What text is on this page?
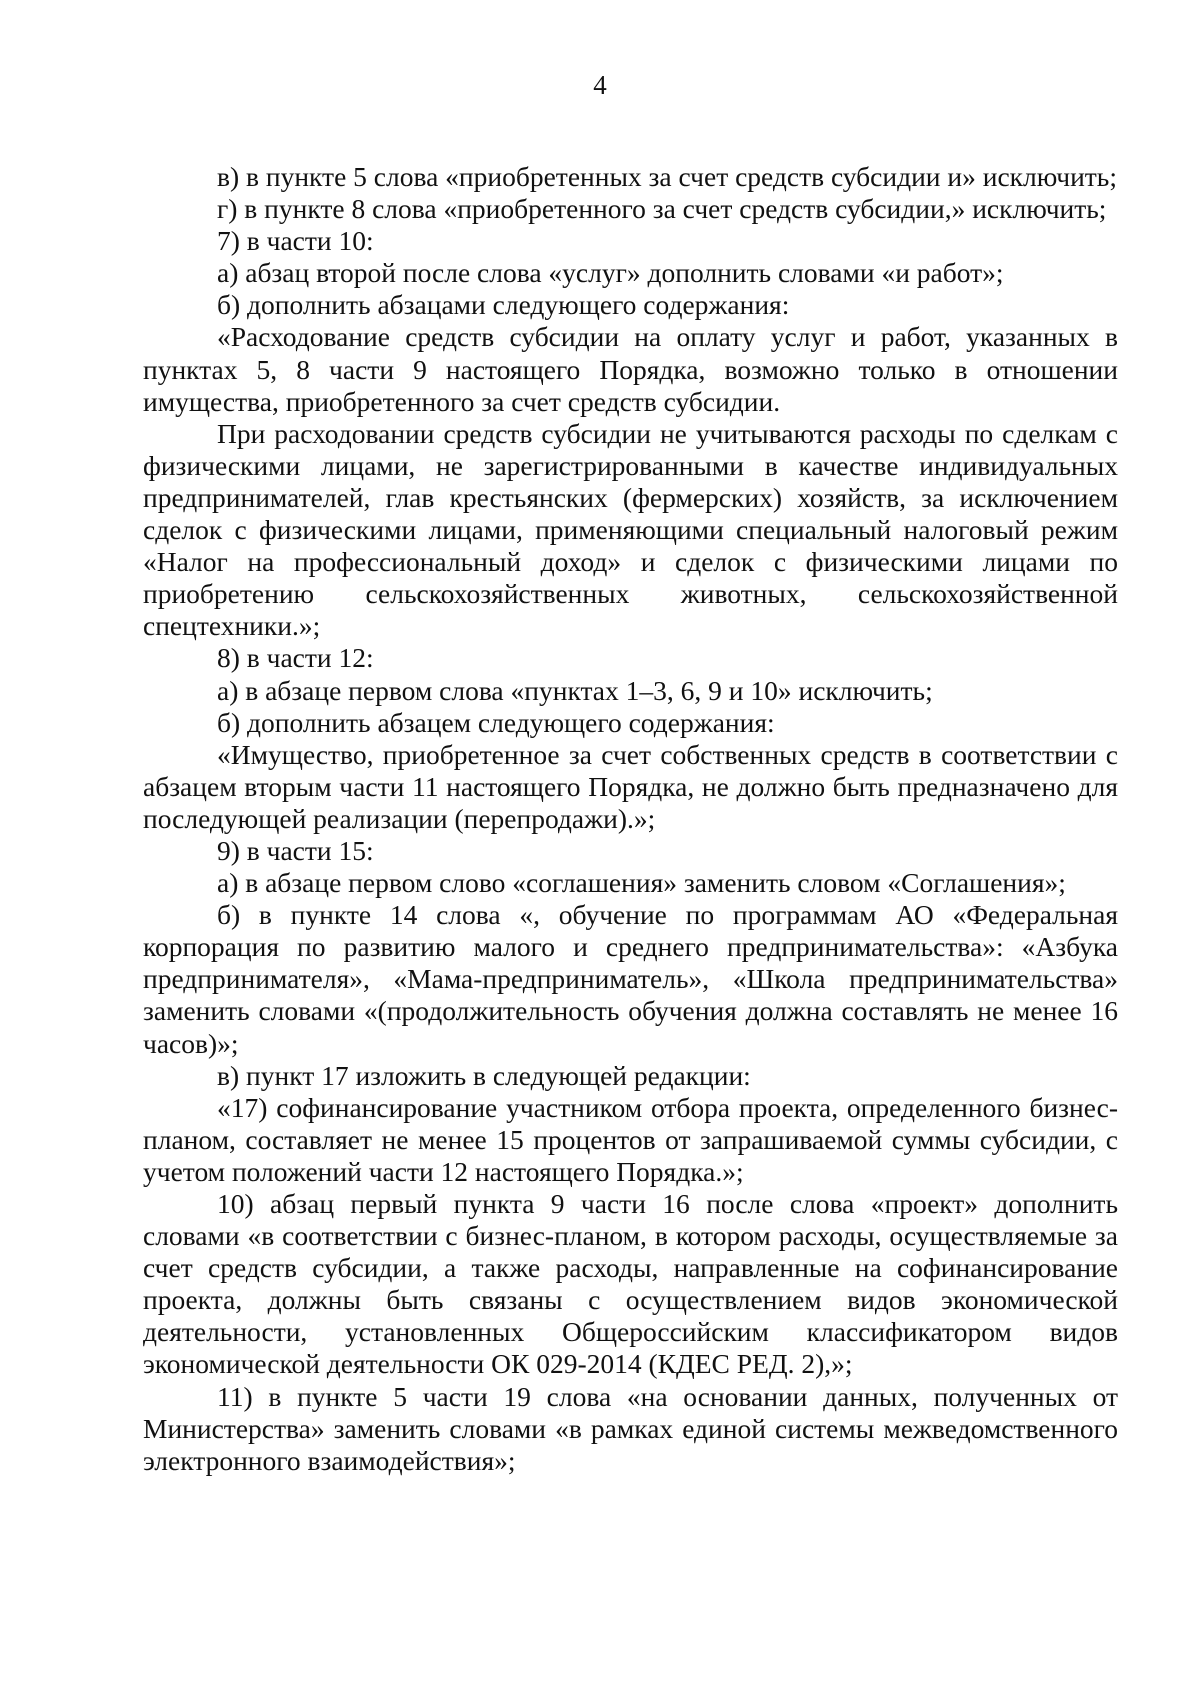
4

в) в пункте 5 слова «приобретенных за счет средств субсидии и» исключить;

г) в пункте 8 слова «приобретенного за счет средств субсидии,» исключить;

7) в части 10:

а) абзац второй после слова «услуг» дополнить словами «и работ»;

б) дополнить абзацами следующего содержания:

«Расходование средств субсидии на оплату услуг и работ, указанных в пунктах 5, 8 части 9 настоящего Порядка, возможно только в отношении имущества, приобретенного за счет средств субсидии.

При расходовании средств субсидии не учитываются расходы по сделкам с физическими лицами, не зарегистрированными в качестве индивидуальных предпринимателей, глав крестьянских (фермерских) хозяйств, за исключением сделок с физическими лицами, применяющими специальный налоговый режим «Налог на профессиональный доход» и сделок с физическими лицами по приобретению сельскохозяйственных животных, сельскохозяйственной спецтехники.»;

8) в части 12:

а) в абзаце первом слова «пунктах 1–3, 6, 9 и 10» исключить;

б) дополнить абзацем следующего содержания:

«Имущество, приобретенное за счет собственных средств в соответствии с абзацем вторым части 11 настоящего Порядка, не должно быть предназначено для последующей реализации (перепродажи).»;

9) в части 15:

а) в абзаце первом слово «соглашения» заменить словом «Соглашения»;

б) в пункте 14 слова «, обучение по программам АО «Федеральная корпорация по развитию малого и среднего предпринимательства»: «Азбука предпринимателя», «Мама-предприниматель», «Школа предпринимательства» заменить словами «(продолжительность обучения должна составлять не менее 16 часов)»;

в) пункт 17 изложить в следующей редакции:

«17) софинансирование участником отбора проекта, определенного бизнес-планом, составляет не менее 15 процентов от запрашиваемой суммы субсидии, с учетом положений части 12 настоящего Порядка.»;

10) абзац первый пункта 9 части 16 после слова «проект» дополнить словами «в соответствии с бизнес-планом, в котором расходы, осуществляемые за счет средств субсидии, а также расходы, направленные на софинансирование проекта, должны быть связаны с осуществлением видов экономической деятельности, установленных Общероссийским классификатором видов экономической деятельности ОК 029-2014 (КДЕС РЕД. 2),»;

11) в пункте 5 части 19 слова «на основании данных, полученных от Министерства» заменить словами «в рамках единой системы межведомственного электронного взаимодействия»;
